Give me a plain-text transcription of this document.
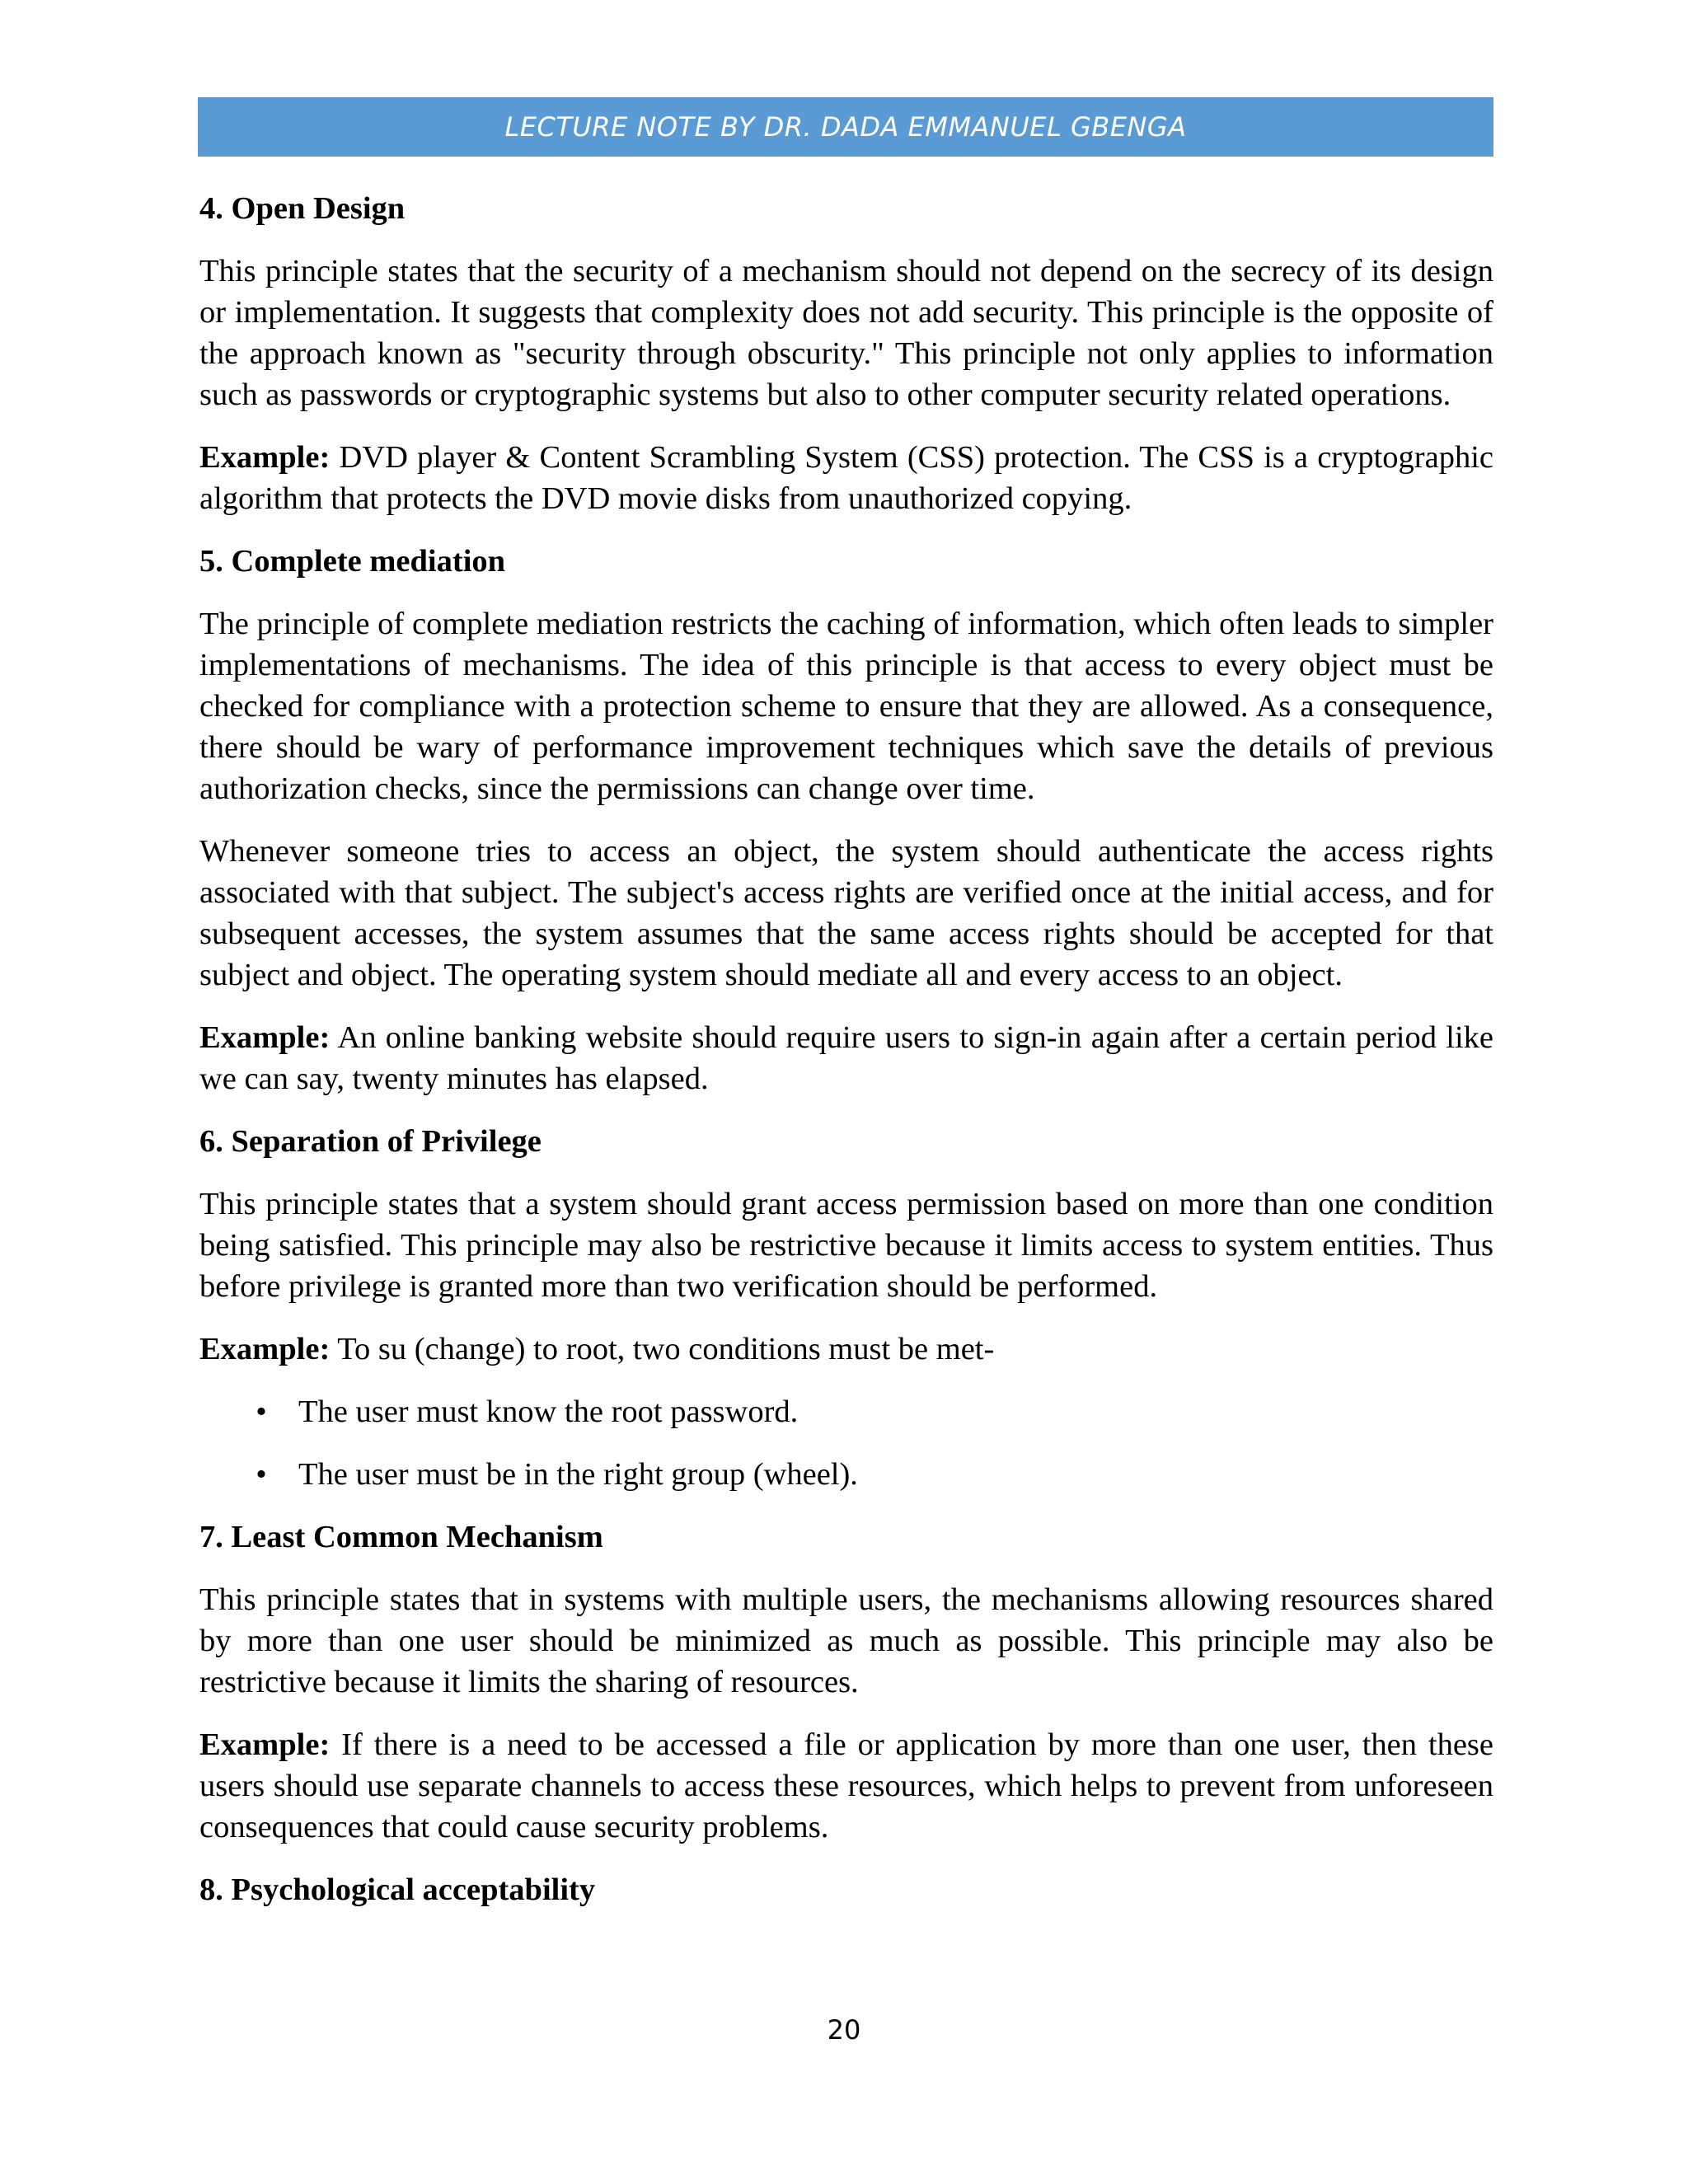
LECTURE NOTE BY DR. DADA EMMANUEL GBENGA
4. Open Design
This principle states that the security of a mechanism should not depend on the secrecy of its design or implementation. It suggests that complexity does not add security. This principle is the opposite of the approach known as "security through obscurity." This principle not only applies to information such as passwords or cryptographic systems but also to other computer security related operations.
Example: DVD player & Content Scrambling System (CSS) protection. The CSS is a cryptographic algorithm that protects the DVD movie disks from unauthorized copying.
5. Complete mediation
The principle of complete mediation restricts the caching of information, which often leads to simpler implementations of mechanisms. The idea of this principle is that access to every object must be checked for compliance with a protection scheme to ensure that they are allowed. As a consequence, there should be wary of performance improvement techniques which save the details of previous authorization checks, since the permissions can change over time.
Whenever someone tries to access an object, the system should authenticate the access rights associated with that subject. The subject's access rights are verified once at the initial access, and for subsequent accesses, the system assumes that the same access rights should be accepted for that subject and object. The operating system should mediate all and every access to an object.
Example: An online banking website should require users to sign-in again after a certain period like we can say, twenty minutes has elapsed.
6. Separation of Privilege
This principle states that a system should grant access permission based on more than one condition being satisfied. This principle may also be restrictive because it limits access to system entities. Thus before privilege is granted more than two verification should be performed.
Example: To su (change) to root, two conditions must be met-
• The user must know the root password.
• The user must be in the right group (wheel).
7. Least Common Mechanism
This principle states that in systems with multiple users, the mechanisms allowing resources shared by more than one user should be minimized as much as possible. This principle may also be restrictive because it limits the sharing of resources.
Example: If there is a need to be accessed a file or application by more than one user, then these users should use separate channels to access these resources, which helps to prevent from unforeseen consequences that could cause security problems.
8. Psychological acceptability
20
